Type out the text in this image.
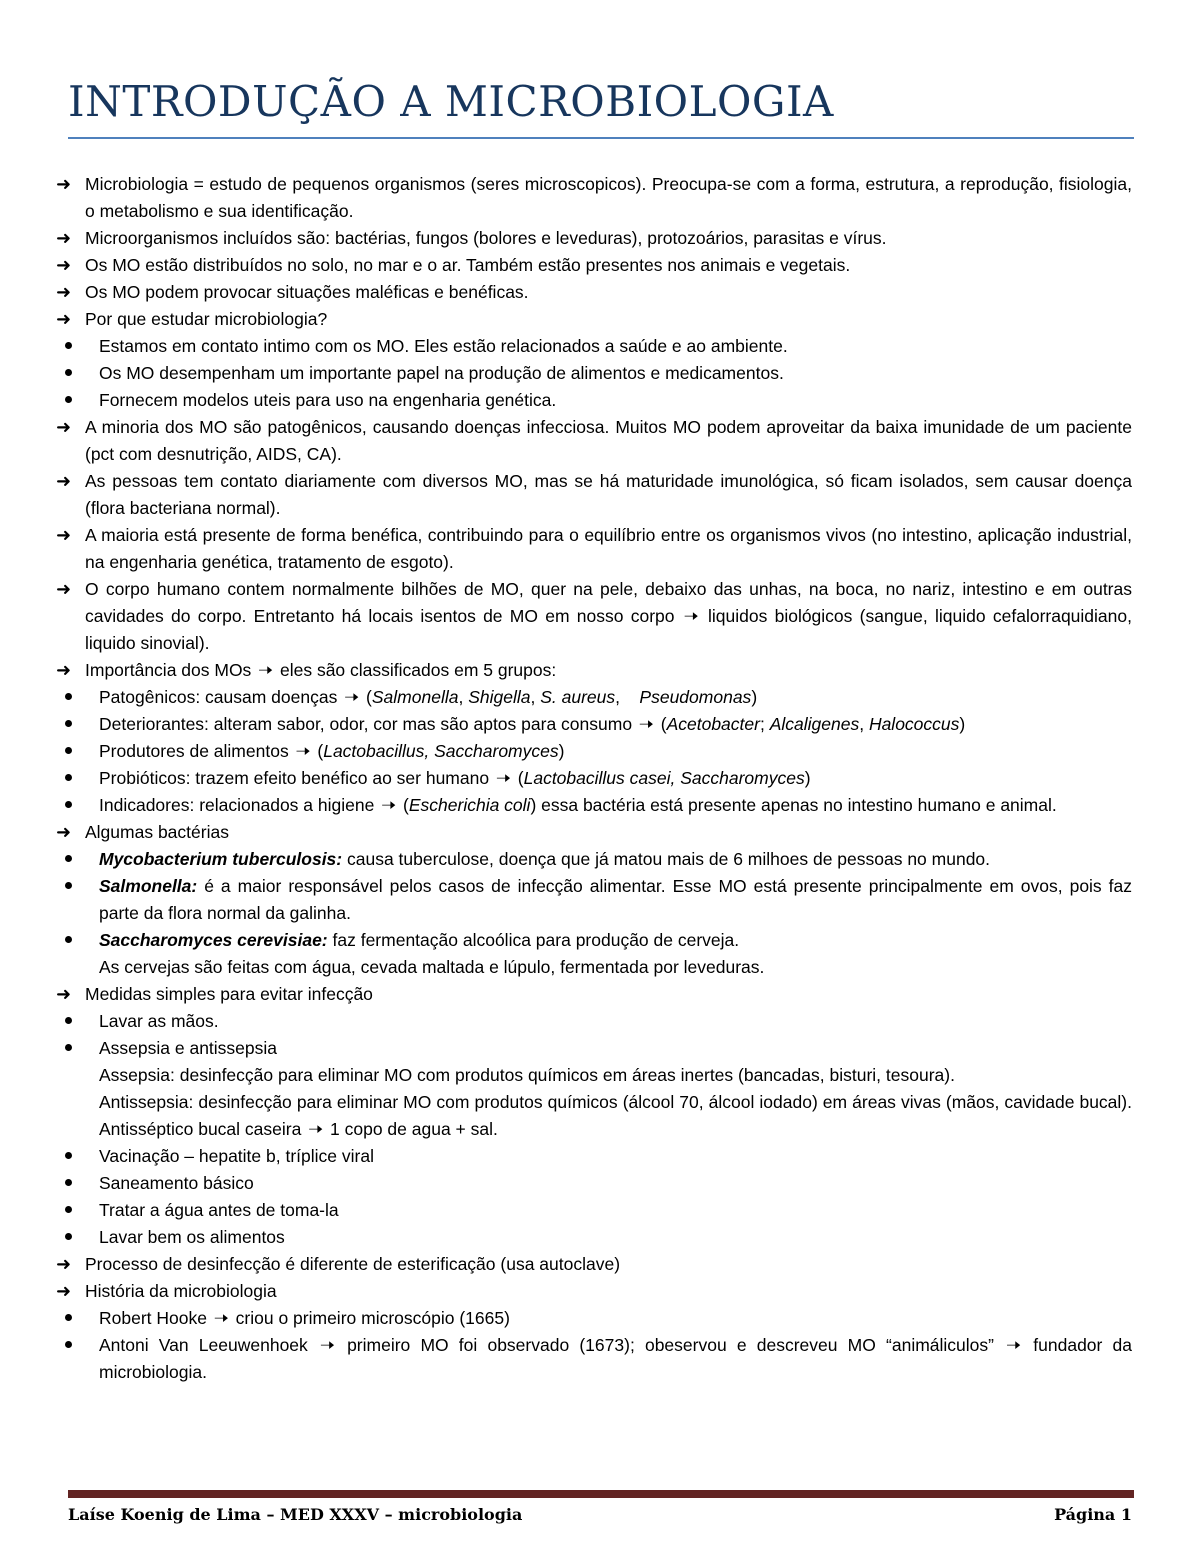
INTRODUÇÃO A MICROBIOLOGIA
➜ Microbiologia = estudo de pequenos organismos (seres microscopicos). Preocupa-se com a forma, estrutura, a reprodução, fisiologia, o metabolismo e sua identificação.
➜ Microorganismos incluídos são: bactérias, fungos (bolores e leveduras), protozoários, parasitas e vírus.
➜ Os MO estão distribuídos no solo, no mar e o ar. Também estão presentes nos animais e vegetais.
➜ Os MO podem provocar situações maléficas e benéficas.
➜ Por que estudar microbiologia?
Estamos em contato intimo com os MO. Eles estão relacionados a saúde e ao ambiente.
Os MO desempenham um importante papel na produção de alimentos e medicamentos.
Fornecem modelos uteis para uso na engenharia genética.
➜ A minoria dos MO são patogênicos, causando doenças infecciosa. Muitos MO podem aproveitar da baixa imunidade de um paciente (pct com desnutrição, AIDS, CA).
➜ As pessoas tem contato diariamente com diversos MO, mas se há maturidade imunológica, só ficam isolados, sem causar doença (flora bacteriana normal).
➜ A maioria está presente de forma benéfica, contribuindo para o equilíbrio entre os organismos vivos (no intestino, aplicação industrial, na engenharia genética, tratamento de esgoto).
➜ O corpo humano contem normalmente bilhões de MO, quer na pele, debaixo das unhas, na boca, no nariz, intestino e em outras cavidades do corpo. Entretanto há locais isentos de MO em nosso corpo 🠢 liquidos biológicos (sangue, liquido cefalorraquidiano, liquido sinovial).
➜ Importância dos MOs 🠢 eles são classificados em 5 grupos:
Patogênicos: causam doenças 🠢 (Salmonella, Shigella, S. aureus,    Pseudomonas)
Deteriorantes: alteram sabor, odor, cor mas são aptos para consumo 🠢 (Acetobacter; Alcaligenes, Halococcus)
Produtores de alimentos 🠢 (Lactobacillus, Saccharomyces)
Probióticos: trazem efeito benéfico ao ser humano 🠢 (Lactobacillus casei, Saccharomyces)
Indicadores: relacionados a higiene 🠢 (Escherichia coli) essa bactéria está presente apenas no intestino humano e animal.
➜ Algumas bactérias
Mycobacterium tuberculosis: causa tuberculose, doença que já matou mais de 6 milhoes de pessoas no mundo.
Salmonella: é a maior responsável pelos casos de infecção alimentar. Esse MO está presente principalmente em ovos, pois faz parte da flora normal da galinha.
Saccharomyces cerevisiae: faz fermentação alcoólica para produção de cerveja.
As cervejas são feitas com água, cevada maltada e lúpulo, fermentada por leveduras.
➜ Medidas simples para evitar infecção
Lavar as mãos.
Assepsia e antissepsia
Assepsia: desinfecção para eliminar MO com produtos químicos em áreas inertes (bancadas, bisturi, tesoura).
Antissepsia: desinfecção para eliminar MO com produtos químicos (álcool 70, álcool iodado) em áreas vivas (mãos, cavidade bucal). Antisséptico bucal caseira 🠢 1 copo de agua + sal.
Vacinação – hepatite b, tríplice viral
Saneamento básico
Tratar a água antes de toma-la
Lavar bem os alimentos
➜ Processo de desinfecção é diferente de esterificação (usa autoclave)
➜ História da microbiologia
Robert Hooke 🠢 criou o primeiro microscópio (1665)
Antoni Van Leeuwenhoek 🠢 primeiro MO foi observado (1673); obeservou e descreveu MO “animáliculos” 🠢 fundador da microbiologia.
Laíse Koenig de Lima – MED XXXV – microbiologia	Página 1
